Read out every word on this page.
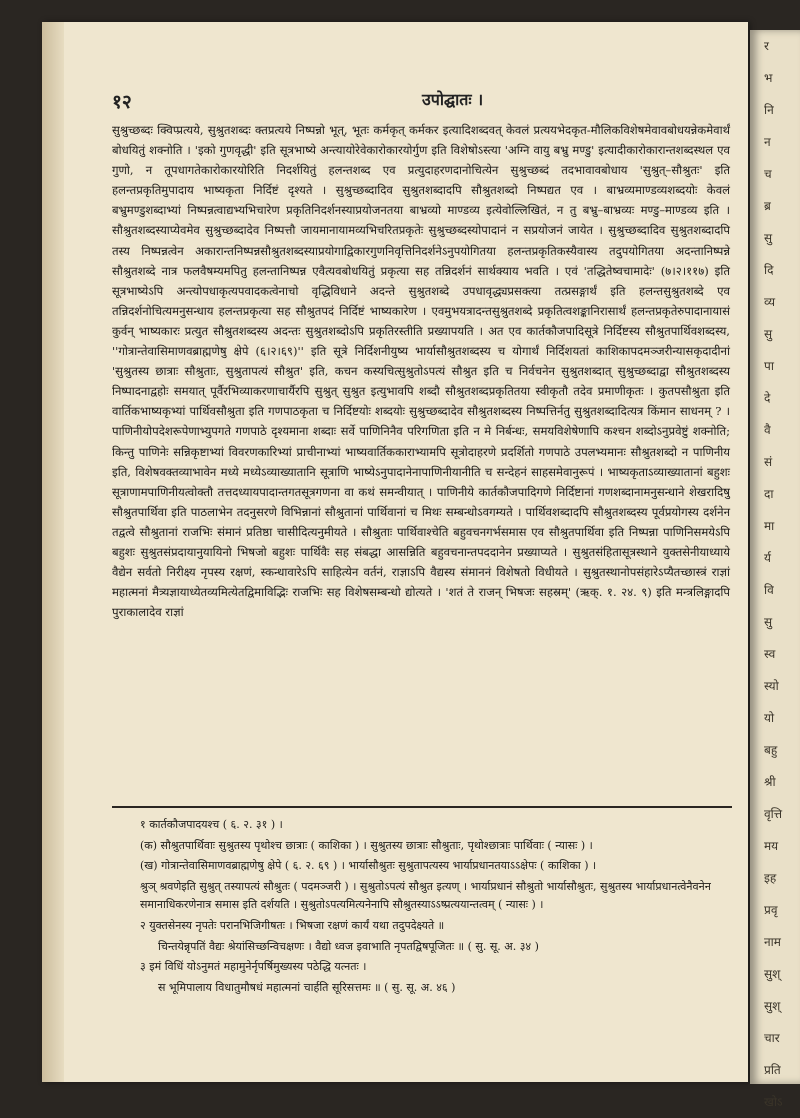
र
भ
नि
न
च
ब्र
सु
दि
व्य
सु
पा
दे
वै
सं
दा
मा
र्य
वि
सु
स्व
स्यो
यो
बहु
श्री
वृत्ति
मय
इह
प्रवृ
नाम
सुश्
सुश्
चार
प्रति
खोऽ
१२	उपोद्घातः ।

सुश्रुच्छब्दः क्विप्प्रत्यये, सुश्रुतशब्दः क्तप्रत्यये निष्पन्नो भूत्, भूतः कर्मकृत् कर्मकर इत्यादिशब्दवत् केवलं प्रत्ययभेदकृत-मौलिकविशेषमेवावबोधयन्नेकमेवार्थं बोधयितुं शक्नोति । 'इको गुणवृद्धी' इति सूत्रभाष्ये अन्त्यायोरेवेकारोकारयोर्गुण इति विशेषोऽस्त्या 'अग्नि वायु बभ्रु मण्डु' इत्यादीकारोकारान्तशब्दस्थल एव गुणो, न तूपधागतेकारोकारयोरिति निदर्शयितुं हलन्तशब्द एव प्रत्युदाहरणदानोचित्येन सुश्रुच्छब्दं तदभावावबोधाय 'सुश्रुत्–सौश्रुतः' इति हलन्तप्रकृतिमुपादाय भाष्यकृता निर्दिष्टं दृश्यते । सुश्रुच्छब्दादिव सुश्रुतशब्दादपि सौश्रुतशब्दो निष्पद्यत एव । बाभ्रव्यमाण्डव्यशब्दयोः केवलं बभ्रुमण्डुशब्दाभ्यां निष्पन्नत्वाद्यभ्यभिचारेण प्रकृतिनिदर्शनस्याप्रयोजनतया बाभ्रव्यो माण्डव्य इत्येवोल्लिखितं, न तु बभ्रु–बाभ्रव्यः मण्डु–माण्डव्य इति । सौश्रुतशब्दस्याप्येवमेव सुश्रुच्छब्दादेव निष्पत्तौ जायमानायामव्यभिचरितप्रकृतेः सुश्रुच्छब्दस्योपादानं न सप्रयोजनं जायेत । सुश्रुच्छब्दादिव सुश्रुतशब्दादपि तस्य निष्पन्नत्वेन अकारान्तनिष्पन्नसौश्रुतशब्दस्याप्रयोगाद्विकारगुणनिवृत्तिनिदर्शनेऽनुपयोगितया हलन्तप्रकृतिकस्यैवास्य तदुपयोगितया अदन्तानिष्पन्ने सौश्रुतशब्दे नात्र फलवैषम्यमपितु हलन्तानिष्पन्न एवैत्यवबोधयितुं प्रकृत्या सह तन्निदर्शनं सार्थक्याय भवति । एवं 'तद्धितेष्वचामादेः' (७।२।११७) इति सूत्रभाष्येऽपि अन्त्योपधाकृत्यपवादकत्वेनाचो वृद्धिविधाने अदन्ते सुश्रुतशब्दे उपधावृद्ध्यप्रसक्त्या तत्प्रसङ्गार्थं इति हलन्तसुश्रुतशब्दे एव तन्निदर्शनोचित्यमनुसन्धाय हलन्तप्रकृत्या सह सौश्रुतपदं निर्दिष्टं भाष्यकारेण । एवमुभयत्रादन्तसुश्रुतशब्दे प्रकृतित्वशङ्कानिरासार्थं हलन्तप्रकृतेरुपादानायासं कुर्वन् भाष्यकारः प्रत्युत सौश्रुतशब्दस्य अदन्तः सुश्रुतशब्दोऽपि प्रकृतिरस्तीति प्रख्यापयति । अत एव कार्तकौजपादिसूत्रे निर्दिष्टस्य सौश्रुतपार्थिवशब्दस्य, ''गोत्रान्तेवासिमाणवब्राह्मणेषु क्षेपे (६।२।६९)'' इति सूत्रे निर्दिशनीयुष्य भार्यासौश्रुतशब्दस्य च योगार्थं निर्दिशयतां काशिकापदमञ्जरीन्यासकृदादीनां 'सुश्रुतस्य छात्राः सौश्रुताः, सुश्रुतापत्यं सौश्रुत' इति, कचन कस्यचित्सुश्रुतोऽपत्यं सौश्रुत इति च निर्वचनेन सुश्रुतशब्दात् सुश्रुच्छब्दाद्वा सौश्रुतशब्दस्य निष्पादनाद्वहोः समयात् पूर्वैरभिव्याकरणाचार्यैरपि सुश्रुत् सुश्रुत इत्युभावपि शब्दौ सौश्रुतशब्दप्रकृतितया स्वीकृतौ तदेव प्रमाणीकृतः । कुतपसौश्रुता इति वार्तिकभाष्यकृभ्यां पार्थिवसौश्रुता इति गणपाठकृता च निर्दिष्टयोः शब्दयोः सुश्रुच्छब्दादेव सौश्रुतशब्दस्य निष्पत्तिर्नतु सुश्रुतशब्दादित्यत्र किंमान साधनम् ? । पाणिनीयोपदेशरूपेणाभ्युपगते गणपाठे दृश्यमाना शब्दाः सर्वे पाणिनिनैव परिगणिता इति न मे निर्बन्धः, समयविशेषेणापि कश्चन शब्दोऽनुप्रवेष्टुं शक्नोति; किन्तु पाणिनेः सन्निकृष्टाभ्यां विवरणकारिभ्यां प्राचीनाभ्यां भाष्यवार्तिककाराभ्यामपि सूत्रोदाहरणे प्रदर्शितो गणपाठे उपलभ्यमानः सौश्रुतशब्दो न पाणिनीय इति, विशेषवक्तव्याभावेन मध्ये मध्येऽव्याख्यातानि सूत्राणि भाष्येऽनुपादानेनापाणिनीयानीति च सन्देहनं साहसमेवानुरूपं । भाष्यकृताऽव्याख्यातानां बहुशः सूत्राणामपाणिनीयत्वोक्तौ तत्तदध्यायपादान्तगतसूत्रगणना वा कथं समन्वीयात् । पाणिनीये कार्तकौजपादिगणे निर्दिष्टानां गणशब्दानामनुसन्धाने शेखरादिषु सौश्रुतपार्थिवा इति पाठलाभेन तदनुसरणे विभिन्नानां सौश्रुतानां पार्थिवानां च मिथः सम्बन्धोऽवगम्यते । पार्थिवशब्दादपि सौश्रुतशब्दस्य पूर्वप्रयोगस्य दर्शनेन तद्वत्वे सौश्रुतानां राजभिः संमानं प्रतिष्ठा चासीदित्यनुमीयते । सौश्रुताः पार्थिवाश्चेति बहुवचनगर्भसमास एव सौश्रुतपार्थिवा इति निष्पन्ना पाणिनिसमयेऽपि बहुशः सुश्रुतसंप्रदायानुयायिनो भिषजो बहुशः पार्थिवैः सह संबद्धा आसन्निति बहुवचनान्तपददानेन प्रख्याप्यते । सुश्रुतसंहितासूत्रस्थाने युक्तसेनीयाध्याये वैद्येन सर्वतो निरीक्ष्य नृपस्य रक्षणं, स्कन्धावारेऽपि साहित्येन वर्तनं, राज्ञाऽपि वैद्यस्य संमाननं विशेषतो विधीयते । सुश्रुतस्थानोपसंहारेऽप्यैतच्छास्त्रं राज्ञां महात्मनां मैत्र्यज्ञायाध्येतव्यमित्येतद्विमाविद्भिः राजभिः सह विशेषसम्बन्धो द्योत्यते । 'शतं ते राजन् भिषजः सहस्रम्' (ऋक्. १. २४. ९) इति मन्त्रलिङ्गादपि पुराकालादेव राज्ञां

१ कार्तकौजपादयश्च ( ६. २. ३१ ) ।

(क) सौश्रुतपार्थिवाः सुश्रुतस्य पृथोश्च छात्राः ( काशिका ) । सुश्रुतस्य छात्राः सौश्रुताः, पृथोश्छात्राः पार्थिवाः ( न्यासः ) ।

(ख) गोत्रान्तेवासिमाणवब्राह्मणेषु क्षेपे ( ६. २. ६९ ) । भार्यासौश्रुतः सुश्रुतापत्यस्य भार्याप्रधानतयाऽऽक्षेपः ( काशिका ) ।

श्रुञ् श्रवणेइति सुश्रुत् तस्यापत्यं सौश्रुतः ( पदमञ्जरी ) । सुश्रुतोऽपत्यं सौश्रुत इत्यण् । भार्याप्रधानं सौश्रुतो भार्यासौश्रुतः, सुश्रुतस्य भार्याप्रधानत्वेनैवनेन समानाधिकरणेनात्र समास इति दर्शयति । सुश्रुतोऽपत्यमित्यनेनापि सौश्रुतस्याऽऽष्प्रत्ययान्तत्वम् ( न्यासः ) ।

२ युक्तसेनस्य नृपतेः परानभिजिगीषतः । भिषजा रक्षणं कार्यं यथा तदुपदेक्ष्यते ॥

चिन्तयेन्नृपतिं वैद्यः श्रेयांसिच्छन्विचक्षणः । वैद्यो ध्वज इवाभाति नृपतद्विषपूजितः ॥ ( सु. सू. अ. ३४ )

३ इमं विधिं योऽनुमतं महामुनेर्नृपर्षिमुख्यस्य पठेद्धि यत्नतः ।

स भूमिपालाय विधातुमौषधं महात्मनां चार्हति सूरिसत्तमः ॥ ( सु. सू. अ. ४६ )
